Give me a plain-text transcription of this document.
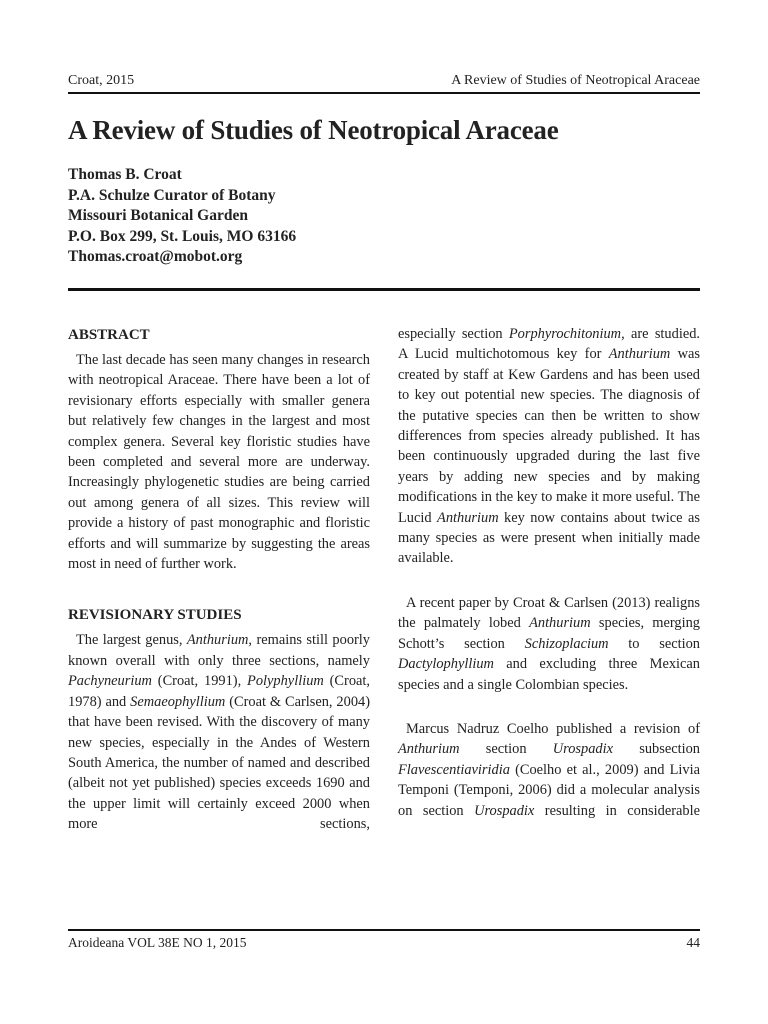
Croat, 2015	A Review of Studies of Neotropical Araceae
A Review of Studies of Neotropical Araceae
Thomas B. Croat
P.A. Schulze Curator of Botany
Missouri Botanical Garden
P.O. Box 299, St. Louis, MO 63166
Thomas.croat@mobot.org
ABSTRACT

The last decade has seen many changes in research with neotropical Araceae. There have been a lot of revisionary efforts especially with smaller genera but relatively few changes in the largest and most complex genera. Several key floristic studies have been completed and several more are underway. Increasingly phylogenetic studies are being carried out among genera of all sizes. This review will provide a history of past monographic and floristic efforts and will summarize by suggesting the areas most in need of further work.

REVISIONARY STUDIES

The largest genus, Anthurium, remains still poorly known overall with only three sections, namely Pachyneurium (Croat, 1991), Polyphyllium (Croat, 1978) and Semaeophyllium (Croat & Carlsen, 2004) that have been revised. With the discovery of many new species, especially in the Andes of Western South America, the number of named and described (albeit not yet published) species exceeds 1690 and the upper limit will certainly exceed 2000 when more sections,

especially section Porphyrochitonium, are studied. A Lucid multichotomous key for Anthurium was created by staff at Kew Gardens and has been used to key out potential new species. The diagnosis of the putative species can then be written to show differences from species already published. It has been continuously upgraded during the last five years by adding new species and by making modifications in the key to make it more useful. The Lucid Anthurium key now contains about twice as many species as were present when initially made available.

A recent paper by Croat & Carlsen (2013) realigns the palmately lobed Anthurium species, merging Schott’s section Schizoplacium to section Dactylophyllium and excluding three Mexican species and a single Colombian species.

Marcus Nadruz Coelho published a revision of Anthurium section Urospadix subsection Flavescentiaviridia (Coelho et al., 2009) and Livia Temponi (Temponi, 2006) did a molecular analysis on section Urospadix resulting in considerable

Aroideana VOL 38E NO 1, 2015	44
